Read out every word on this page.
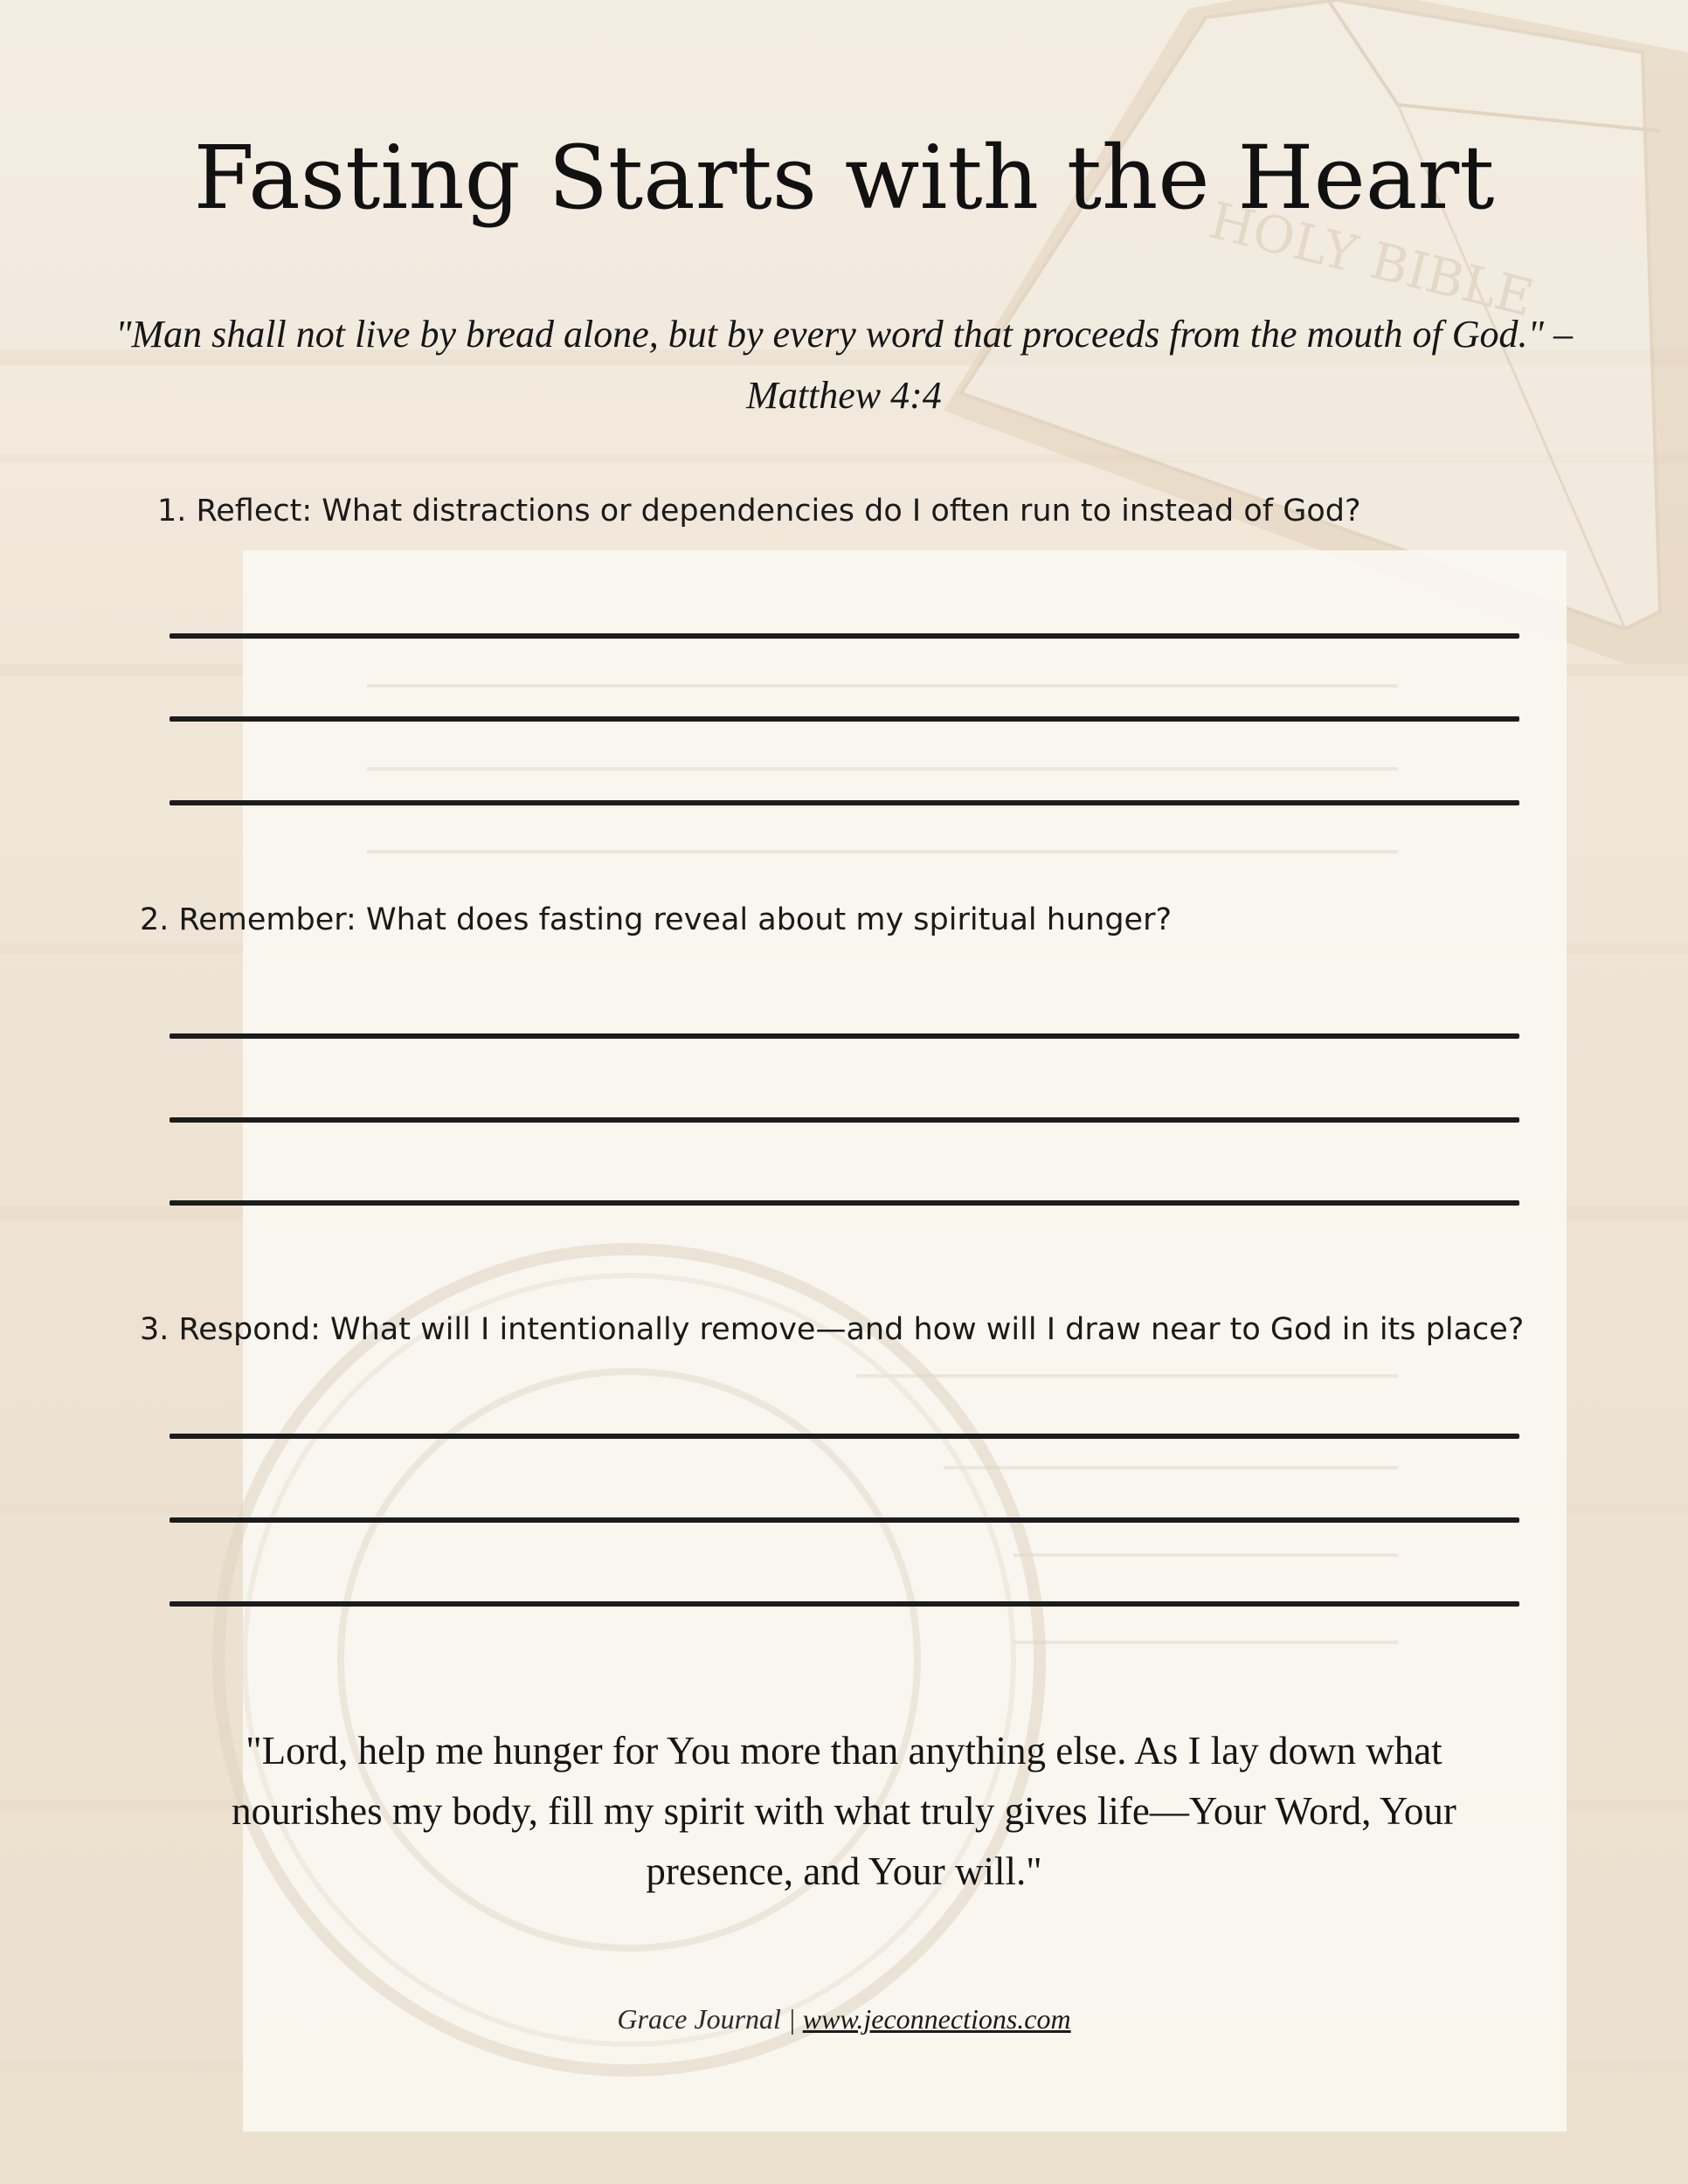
HOLY BIBLE
Fasting Starts with the Heart
"Man shall not live by bread alone, but by every word that proceeds from the mouth of God." –
Matthew 4:4
1. Reflect: What distractions or dependencies do I often run to instead of God?
2. Remember: What does fasting reveal about my spiritual hunger?
3. Respond: What will I intentionally remove—and how will I draw near to God in its place?
"Lord, help me hunger for You more than anything else. As I lay down what nourishes my body, fill my spirit with what truly gives life—Your Word, Your presence, and Your will."
Grace Journal | www.jeconnections.com
